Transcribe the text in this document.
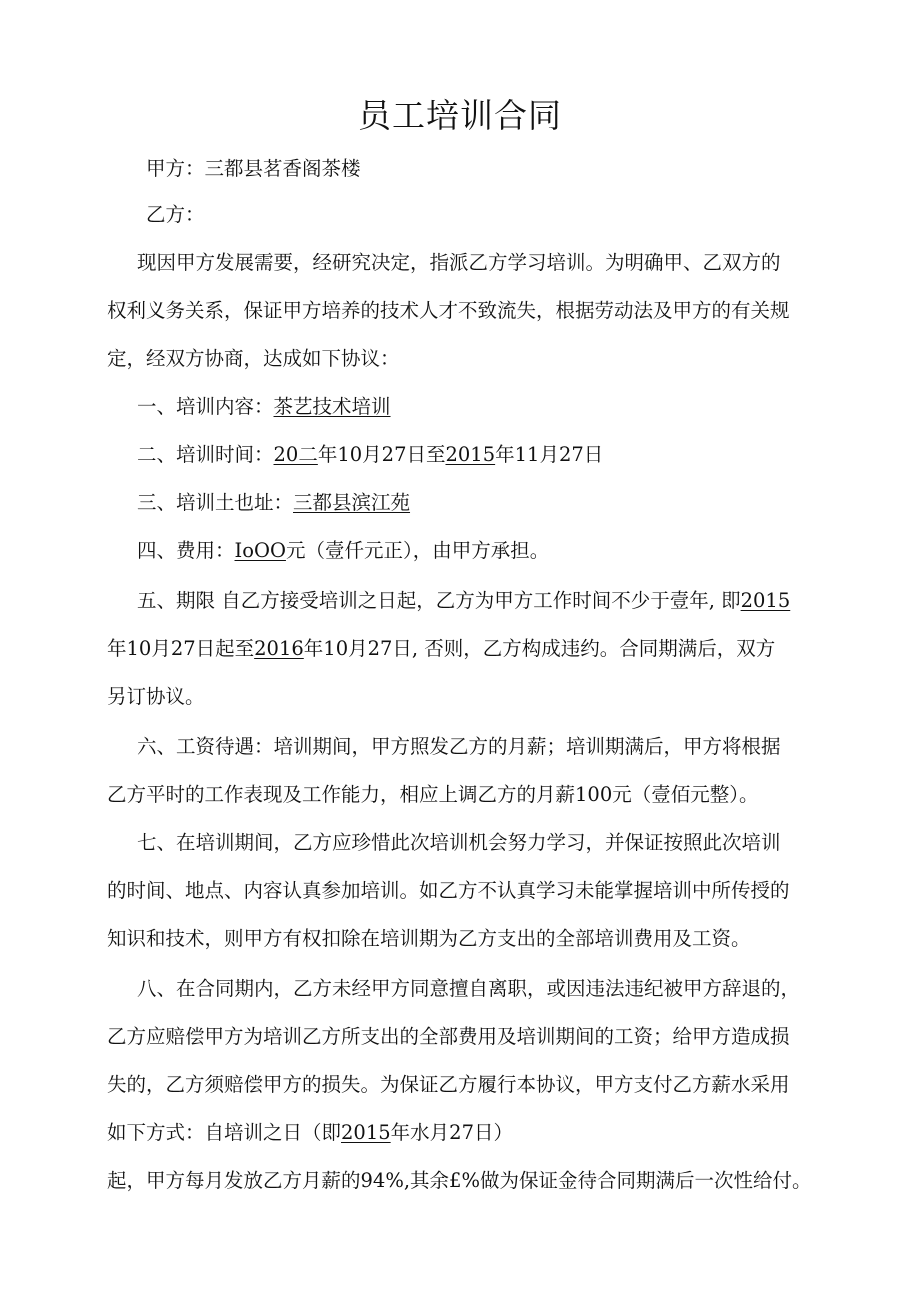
员工培训合同
甲方：三都县茗香阁茶楼
乙方：
现因甲方发展需要，经研究决定，指派乙方学习培训。为明确甲、乙双方的
权利义务关系，保证甲方培养的技术人才不致流失，根据劳动法及甲方的有关规
定，经双方协商，达成如下协议：
一、培训内容：茶艺技术培训
二、培训时间：20二年10月27日至2015年11月27日
三、培训土也址：三都县滨江苑
四、费用：IoOO元（壹仟元正），由甲方承担。
五、期限 自乙方接受培训之日起，乙方为甲方工作时间不少于壹年, 即2015
年10月27日起至2016年10月27日, 否则，乙方构成违约。合同期满后，双方
另订协议。
六、工资待遇：培训期间，甲方照发乙方的月薪；培训期满后，甲方将根据
乙方平时的工作表现及工作能力，相应上调乙方的月薪100元（壹佰元整）。
七、在培训期间，乙方应珍惜此次培训机会努力学习，并保证按照此次培训
的时间、地点、内容认真参加培训。如乙方不认真学习未能掌握培训中所传授的
知识和技术，则甲方有权扣除在培训期为乙方支出的全部培训费用及工资。
八、在合同期内，乙方未经甲方同意擅自离职，或因违法违纪被甲方辞退的，
乙方应赔偿甲方为培训乙方所支出的全部费用及培训期间的工资；给甲方造成损
失的，乙方须赔偿甲方的损失。为保证乙方履行本协议，甲方支付乙方薪水采用
如下方式：自培训之日（即2015年水月27日）
起，甲方每月发放乙方月薪的94%,其余£%做为保证金待合同期满后一次性给付。
